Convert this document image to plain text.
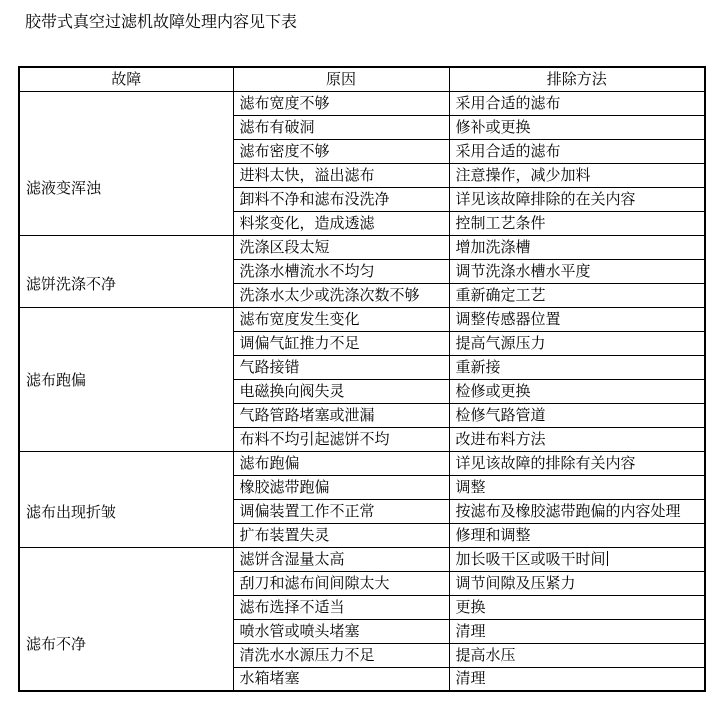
胶带式真空过滤机故障处理内容见下表
故障	原因	排除方法
滤液变浑浊	滤布宽度不够	采用合适的滤布
	滤布有破洞	修补或更换
	滤布密度不够	采用合适的滤布
	进料太快，溢出滤布	注意操作，减少加料
	卸料不净和滤布没洗净	详见该故障排除的在关内容
	料浆变化，造成透滤	控制工艺条件
滤饼洗涤不净	洗涤区段太短	增加洗涤槽
	洗涤水槽流水不均匀	调节洗涤水槽水平度
	洗涤水太少或洗涤次数不够	重新确定工艺
滤布跑偏	滤布宽度发生变化	调整传感器位置
	调偏气缸推力不足	提高气源压力
	气路接错	重新接
	电磁换向阀失灵	检修或更换
	气路管路堵塞或泄漏	检修气路管道
	布料不均引起滤饼不均	改进布料方法
滤布出现折皱	滤布跑偏	详见该故障的排除有关内容
	橡胶滤带跑偏	调整
	调偏装置工作不正常	按滤布及橡胶滤带跑偏的内容处理
	扩布装置失灵	修理和调整
滤布不净	滤饼含湿量太高	加长吸干区或吸干时间
	刮刀和滤布间间隙太大	调节间隙及压紧力
	滤布选择不适当	更换
	喷水管或喷头堵塞	清理
	清洗水水源压力不足	提高水压
	水箱堵塞	清理
